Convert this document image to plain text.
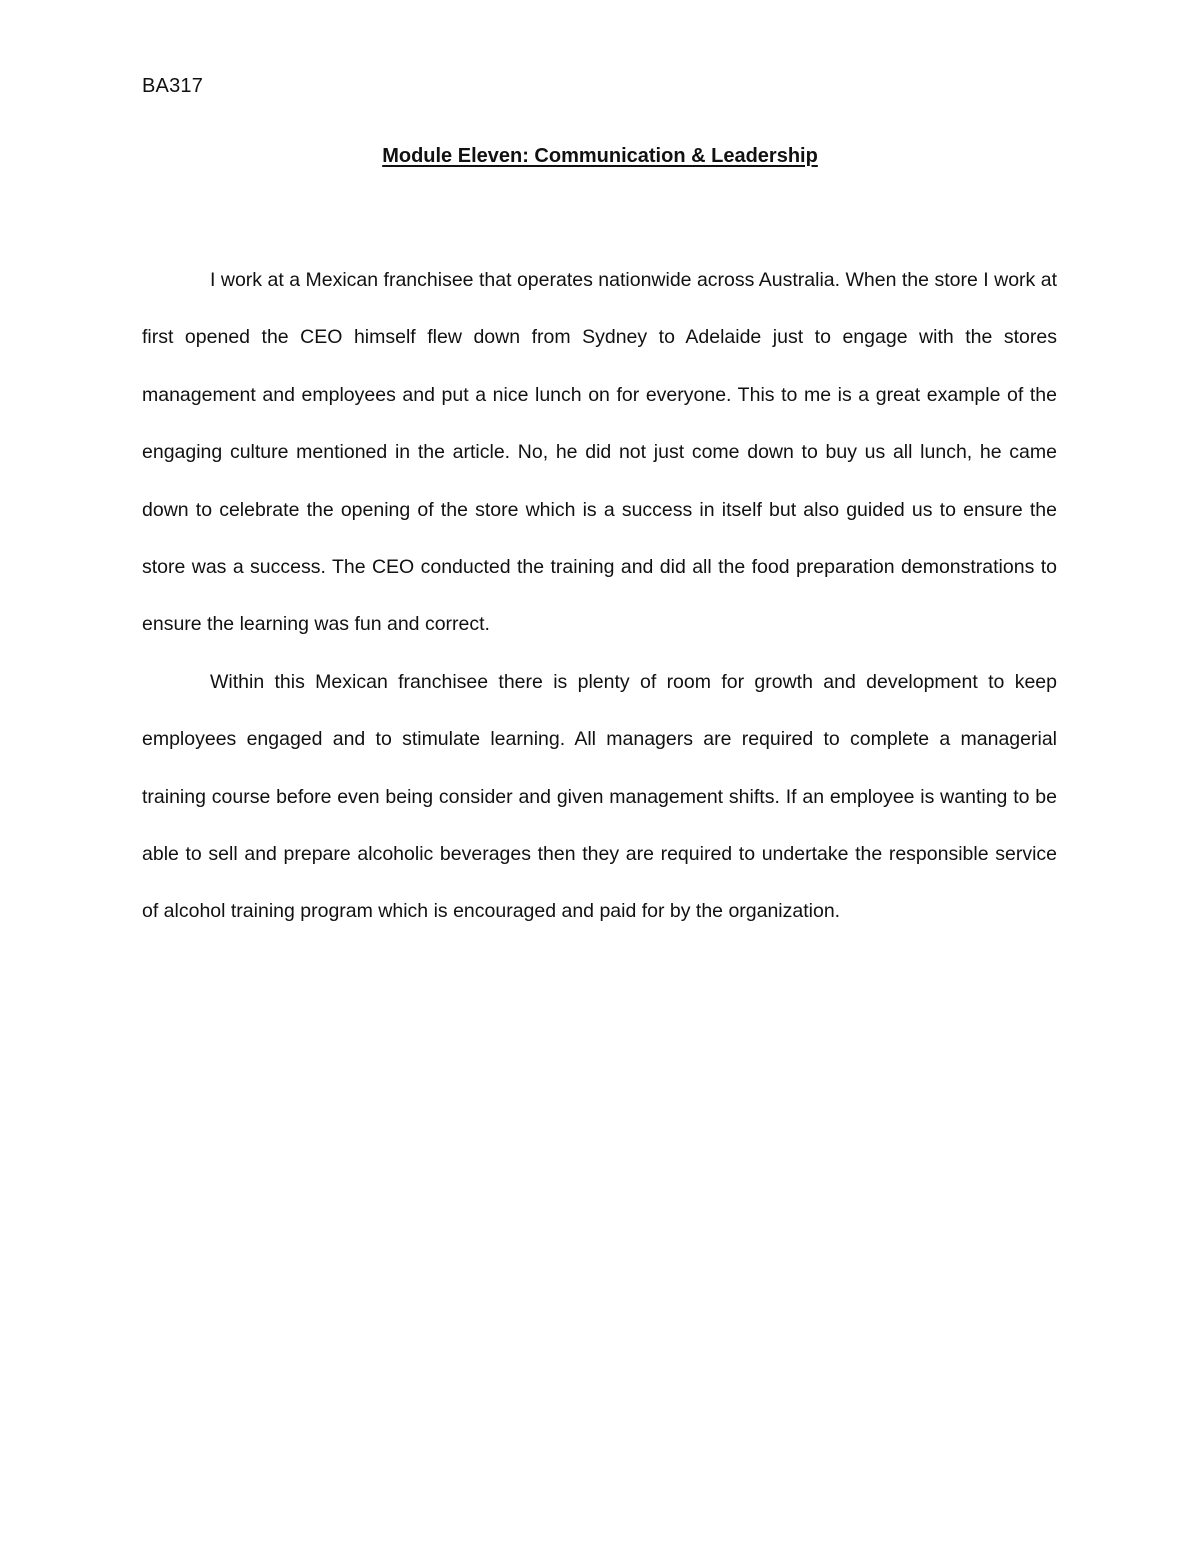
BA317
Module Eleven: Communication & Leadership

I work at a Mexican franchisee that operates nationwide across Australia. When the store I work at first opened the CEO himself flew down from Sydney to Adelaide just to engage with the stores management and employees and put a nice lunch on for everyone. This to me is a great example of the engaging culture mentioned in the article. No, he did not just come down to buy us all lunch, he came down to celebrate the opening of the store which is a success in itself but also guided us to ensure the store was a success. The CEO conducted the training and did all the food preparation demonstrations to ensure the learning was fun and correct.

Within this Mexican franchisee there is plenty of room for growth and development to keep employees engaged and to stimulate learning. All managers are required to complete a managerial training course before even being consider and given management shifts. If an employee is wanting to be able to sell and prepare alcoholic beverages then they are required to undertake the responsible service of alcohol training program which is encouraged and paid for by the organization.
